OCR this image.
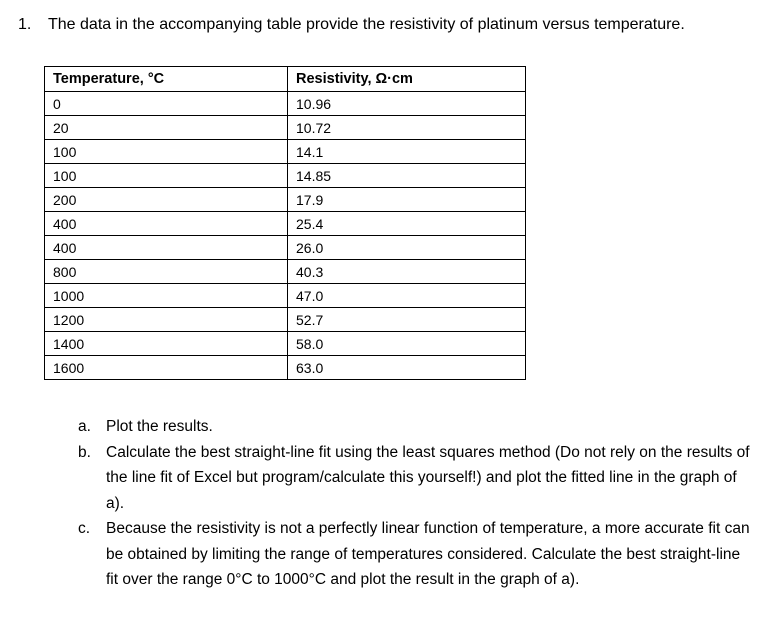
1. The data in the accompanying table provide the resistivity of platinum versus temperature.
Temperature, °C	Resistivity, Ω·cm
0	10.96
20	10.72
100	14.1
100	14.85
200	17.9
400	25.4
400	26.0
800	40.3
1000	47.0
1200	52.7
1400	58.0
1600	63.0
a. Plot the results.
b. Calculate the best straight-line fit using the least squares method (Do not rely on the results of the line fit of Excel but program/calculate this yourself!) and plot the fitted line in the graph of a).
c.	Because the resistivity is not a perfectly linear function of temperature, a more accurate fit can be obtained by limiting the range of temperatures considered. Calculate the best straight-line fit over the range 0°C to 1000°C and plot the result in the graph of a).
